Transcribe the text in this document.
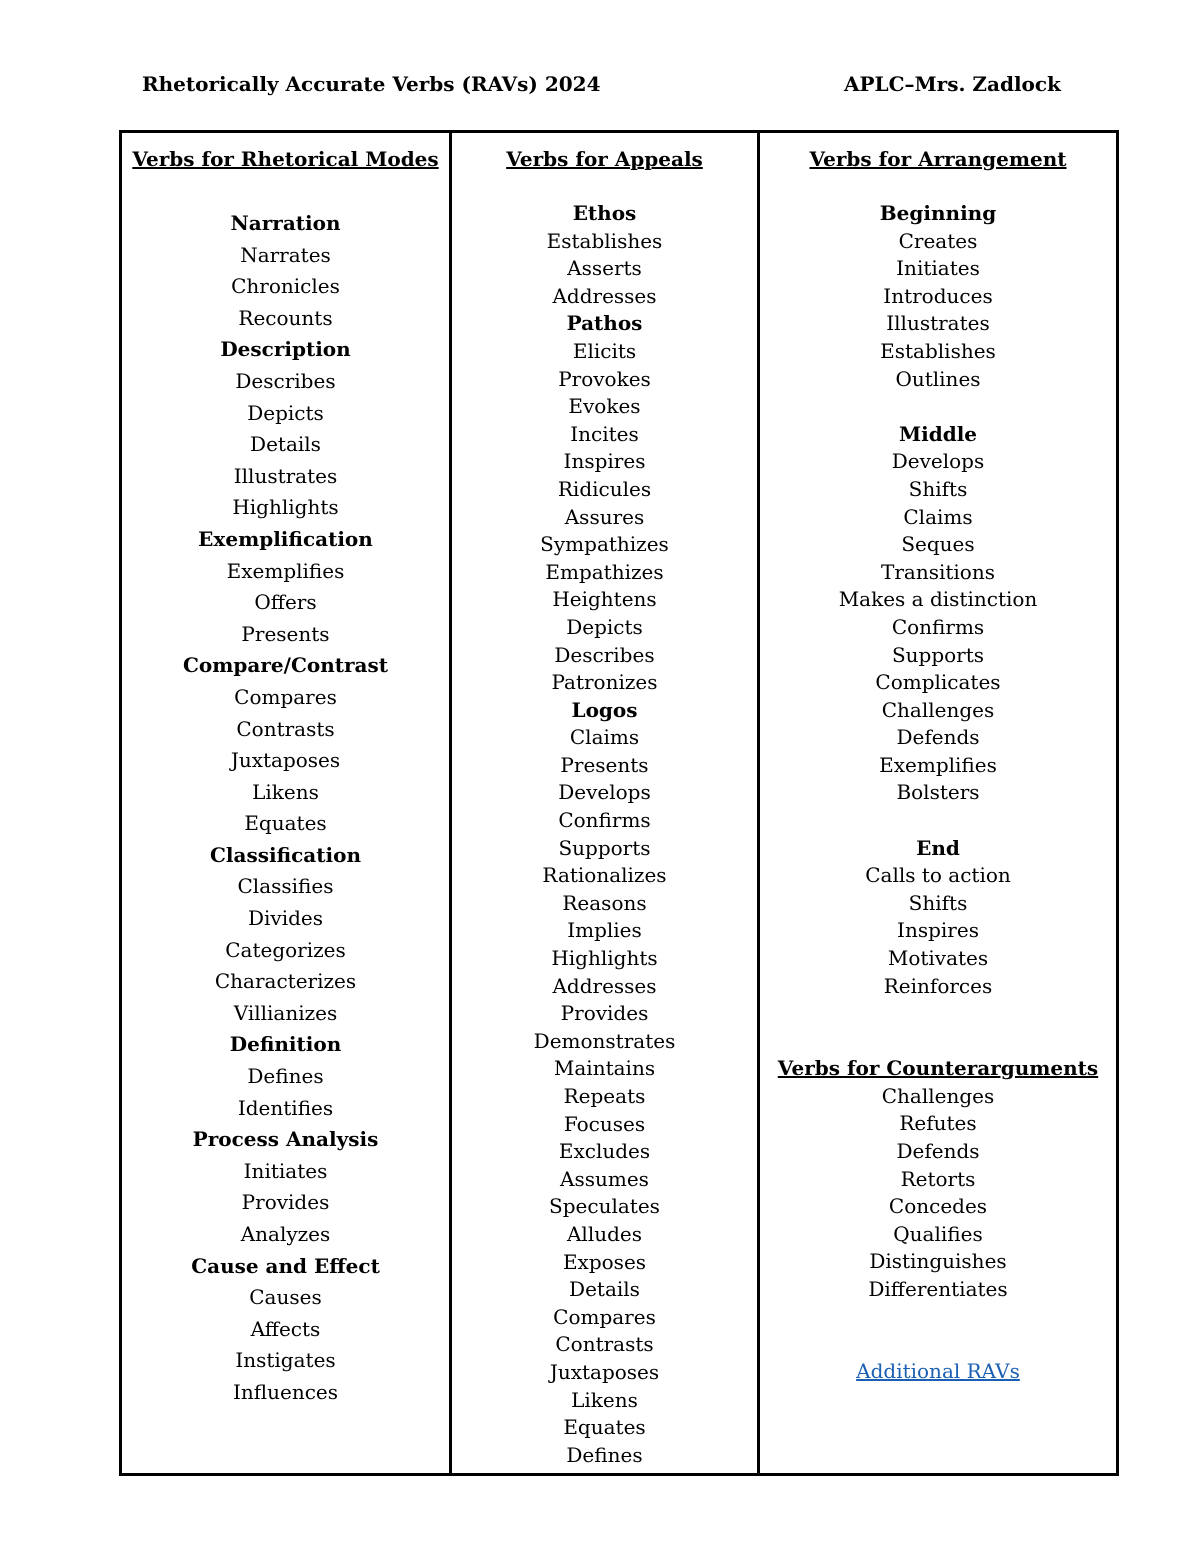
Rhetorically Accurate Verbs (RAVs) 2024	APLC–Mrs. Zadlock
Verbs for Rhetorical Modes
Narration
Narrates
Chronicles
Recounts
Description
Describes
Depicts
Details
Illustrates
Highlights
Exemplification
Exemplifies
Offers
Presents
Compare/Contrast
Compares
Contrasts
Juxtaposes
Likens
Equates
Classification
Classifies
Divides
Categorizes
Characterizes
Villianizes
Definition
Defines
Identifies
Process Analysis
Initiates
Provides
Analyzes
Cause and Effect
Causes
Affects
Instigates
Influences

Verbs for Appeals
Ethos
Establishes
Asserts
Addresses
Pathos
Elicits
Provokes
Evokes
Incites
Inspires
Ridicules
Assures
Sympathizes
Empathizes
Heightens
Depicts
Describes
Patronizes
Logos
Claims
Presents
Develops
Confirms
Supports
Rationalizes
Reasons
Implies
Highlights
Addresses
Provides
Demonstrates
Maintains
Repeats
Focuses
Excludes
Assumes
Speculates
Alludes
Exposes
Details
Compares
Contrasts
Juxtaposes
Likens
Equates
Defines

Verbs for Arrangement
Beginning
Creates
Initiates
Introduces
Illustrates
Establishes
Outlines
Middle
Develops
Shifts
Claims
Seques
Transitions
Makes a distinction
Confirms
Supports
Complicates
Challenges
Defends
Exemplifies
Bolsters
End
Calls to action
Shifts
Inspires
Motivates
Reinforces
Verbs for Counterarguments
Challenges
Refutes
Defends
Retorts
Concedes
Qualifies
Distinguishes
Differentiates
Additional RAVs
